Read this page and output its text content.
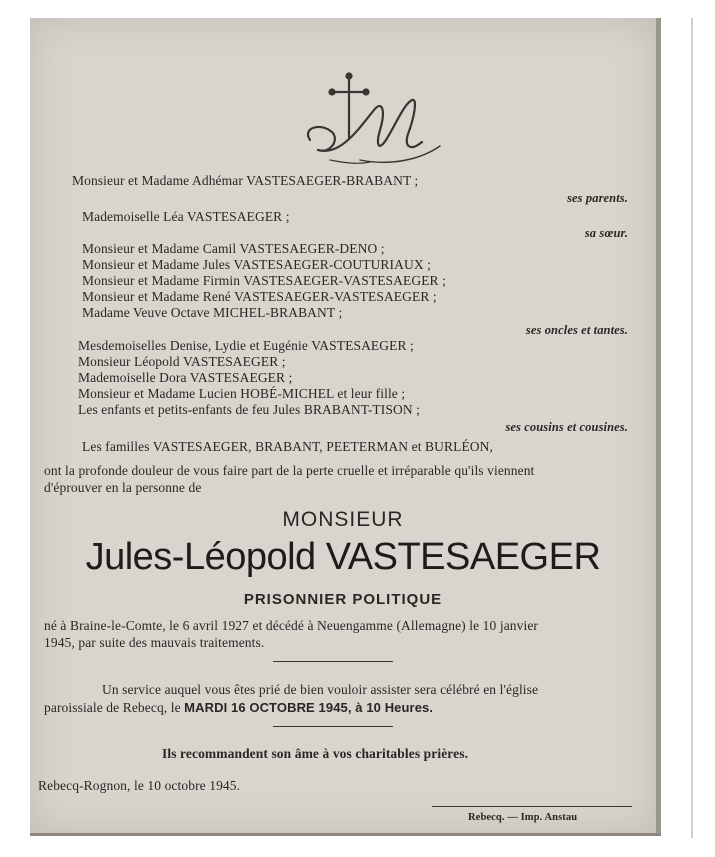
Monsieur et Madame Adhémar VASTESAEGER-BRABANT ;
ses parents.
Mademoiselle Léa VASTESAEGER ;
sa sœur.
Monsieur et Madame Camil VASTESAEGER-DENO ;
Monsieur et Madame Jules VASTESAEGER-COUTURIAUX ;
Monsieur et Madame Firmin VASTESAEGER-VASTESAEGER ;
Monsieur et Madame René VASTESAEGER-VASTESAEGER ;
Madame Veuve Octave MICHEL-BRABANT ;
ses oncles et tantes.
Mesdemoiselles Denise, Lydie et Eugénie VASTESAEGER ;
Monsieur Léopold VASTESAEGER ;
Mademoiselle Dora VASTESAEGER ;
Monsieur et Madame Lucien HOBÉ-MICHEL et leur fille ;
Les enfants et petits-enfants de feu Jules BRABANT-TISON ;
ses cousins et cousines.
Les familles VASTESAEGER, BRABANT, PEETERMAN et BURLÉON,
ont la profonde douleur de vous faire part de la perte cruelle et irréparable qu'ils viennent
d'éprouver en la personne de
MONSIEUR
Jules-Léopold VASTESAEGER
PRISONNIER POLITIQUE
né à Braine-le-Comte, le 6 avril 1927 et décédé à Neuengamme (Allemagne) le 10 janvier
1945, par suite des mauvais traitements.
Un service auquel vous êtes prié de bien vouloir assister sera célébré en l'église
paroissiale de Rebecq, le MARDI 16 OCTOBRE 1945, à 10 Heures.
Ils recommandent son âme à vos charitables prières.
Rebecq-Rognon, le 10 octobre 1945.
Rebecq. — Imp. Anstau
